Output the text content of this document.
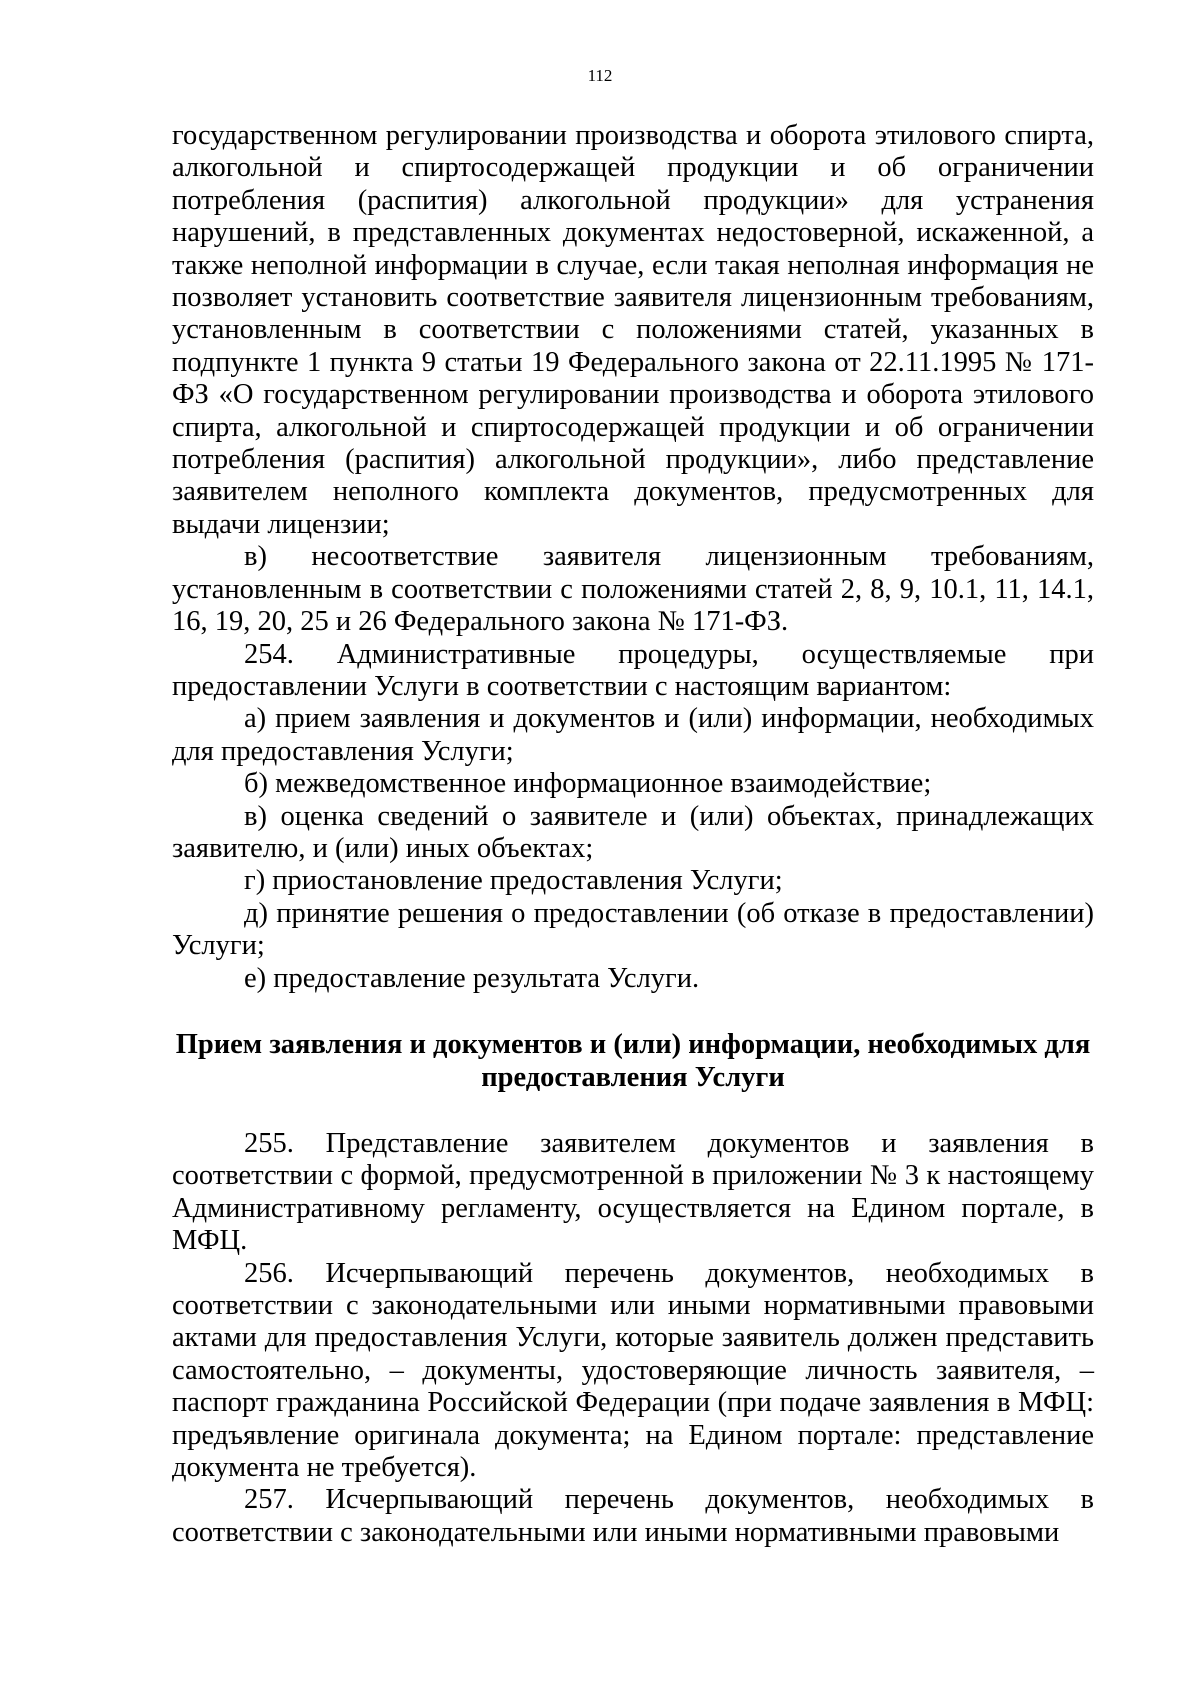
112

государственном регулировании производства и оборота этилового спирта, алкогольной и спиртосодержащей продукции и об ограничении потребления (распития) алкогольной продукции» для устранения нарушений, в представленных документах недостоверной, искаженной, а также неполной информации в случае, если такая неполная информация не позволяет установить соответствие заявителя лицензионным требованиям, установленным в соответствии с положениями статей, указанных в подпункте 1 пункта 9 статьи 19 Федерального закона от 22.11.1995 № 171-ФЗ «О государственном регулировании производства и оборота этилового спирта, алкогольной и спиртосодержащей продукции и об ограничении потребления (распития) алкогольной продукции», либо представление заявителем неполного комплекта документов, предусмотренных для выдачи лицензии;

в) несоответствие заявителя лицензионным требованиям, установленным в соответствии с положениями статей 2, 8, 9, 10.1, 11, 14.1, 16, 19, 20, 25 и 26 Федерального закона № 171-ФЗ.

254. Административные процедуры, осуществляемые при предоставлении Услуги в соответствии с настоящим вариантом:

а) прием заявления и документов и (или) информации, необходимых для предоставления Услуги;

б) межведомственное информационное взаимодействие;

в) оценка сведений о заявителе и (или) объектах, принадлежащих заявителю, и (или) иных объектах;

г) приостановление предоставления Услуги;

д) принятие решения о предоставлении (об отказе в предоставлении) Услуги;

е) предоставление результата Услуги.

Прием заявления и документов и (или) информации, необходимых для предоставления Услуги

255. Представление заявителем документов и заявления в соответствии с формой, предусмотренной в приложении № 3 к настоящему Административному регламенту, осуществляется на Едином портале, в МФЦ.

256. Исчерпывающий перечень документов, необходимых в соответствии с законодательными или иными нормативными правовыми актами для предоставления Услуги, которые заявитель должен представить самостоятельно, – документы, удостоверяющие личность заявителя, – паспорт гражданина Российской Федерации (при подаче заявления в МФЦ: предъявление оригинала документа; на Едином портале: представление документа не требуется).

257. Исчерпывающий перечень документов, необходимых в соответствии с законодательными или иными нормативными правовыми
